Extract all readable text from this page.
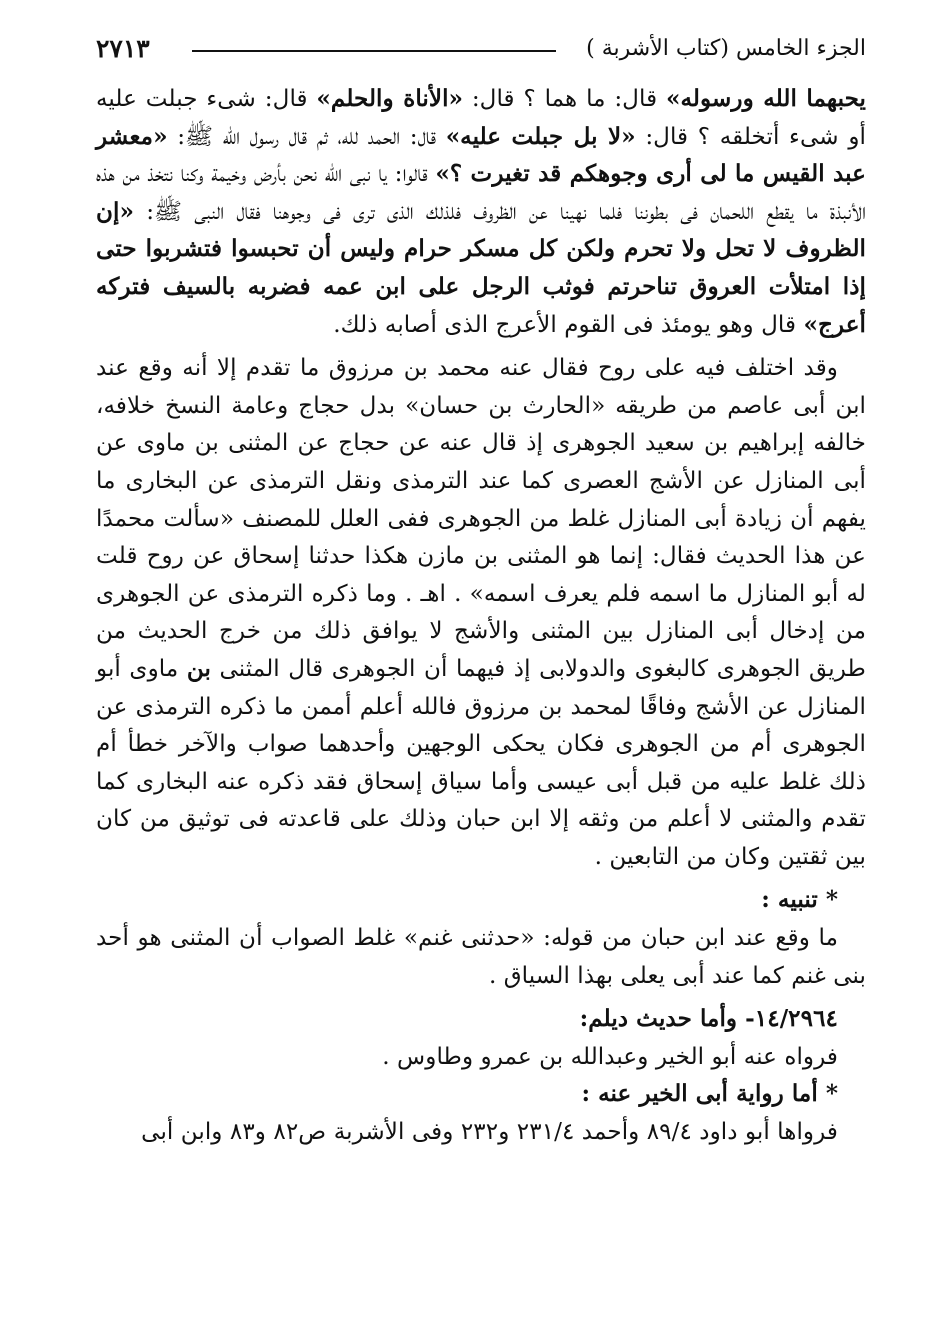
الجزء الخامس (كتاب الأشربة )
٢٧١٣

يحبهما الله ورسوله» قال: ما هما ؟ قال: «الأناة والحلم» قال: شىء جبلت عليه أو شىء أتخلقه ؟ قال: «لا بل جبلت عليه» قال: الحمد لله، ثم قال رسول الله ﷺ: «معشر عبد القيس ما لى أرى وجوهكم قد تغيرت ؟» قالوا: يا نبى الله نحن بأرض وخيمة وكنا نتخذ من هذه الأنبذة ما يقطع اللحمان فى بطوننا فلما نهينا عن الظروف فلذلك الذى ترى فى وجوهنا فقال النبى ﷺ: «إن الظروف لا تحل ولا تحرم ولكن كل مسكر حرام وليس أن تحبسوا فتشربوا حتى إذا امتلأت العروق تناحرتم فوثب الرجل على ابن عمه فضربه بالسيف فتركه أعرج» قال وهو يومئذ فى القوم الأعرج الذى أصابه ذلك.

وقد اختلف فيه على روح فقال عنه محمد بن مرزوق ما تقدم إلا أنه وقع عند ابن أبى عاصم من طريقه «الحارث بن حسان» بدل حجاج وعامة النسخ خلافه، خالفه إبراهيم بن سعيد الجوهرى إذ قال عنه عن حجاج عن المثنى بن ماوى عن أبى المنازل عن الأشج العصرى كما عند الترمذى ونقل الترمذى عن البخارى ما يفهم أن زيادة أبى المنازل غلط من الجوهرى ففى العلل للمصنف «سألت محمدًا عن هذا الحديث فقال: إنما هو المثنى بن مازن هكذا حدثنا إسحاق عن روح قلت له أبو المنازل ما اسمه فلم يعرف اسمه» . اهـ . وما ذكره الترمذى عن الجوهرى من إدخال أبى المنازل بين المثنى والأشج لا يوافق ذلك من خرج الحديث من طريق الجوهرى كالبغوى والدولابى إذ فيهما أن الجوهرى قال المثنى بن ماوى أبو المنازل عن الأشج وفاقًا لمحمد بن مرزوق فالله أعلم أممن ما ذكره الترمذى عن الجوهرى أم من الجوهرى فكان يحكى الوجهين وأحدهما صواب والآخر خطأ أم ذلك غلط عليه من قبل أبى عيسى وأما سياق إسحاق فقد ذكره عنه البخارى كما تقدم والمثنى لا أعلم من وثقه إلا ابن حبان وذلك على قاعدته فى توثيق من كان بين ثقتين وكان من التابعين .

* تنبيه :

ما وقع عند ابن حبان من قوله: «حدثنى غنم» غلط الصواب أن المثنى هو أحد بنى غنم كما عند أبى يعلى بهذا السياق .

١٤/٢٩٦٤- وأما حديث ديلم:

فرواه عنه أبو الخير وعبدالله بن عمرو وطاوس .

* أما رواية أبى الخير عنه :

فرواها أبو داود ٨٩/٤ وأحمد ٢٣١/٤ و٢٣٢ وفى الأشربة ص٨٢ و٨٣ وابن أبى
